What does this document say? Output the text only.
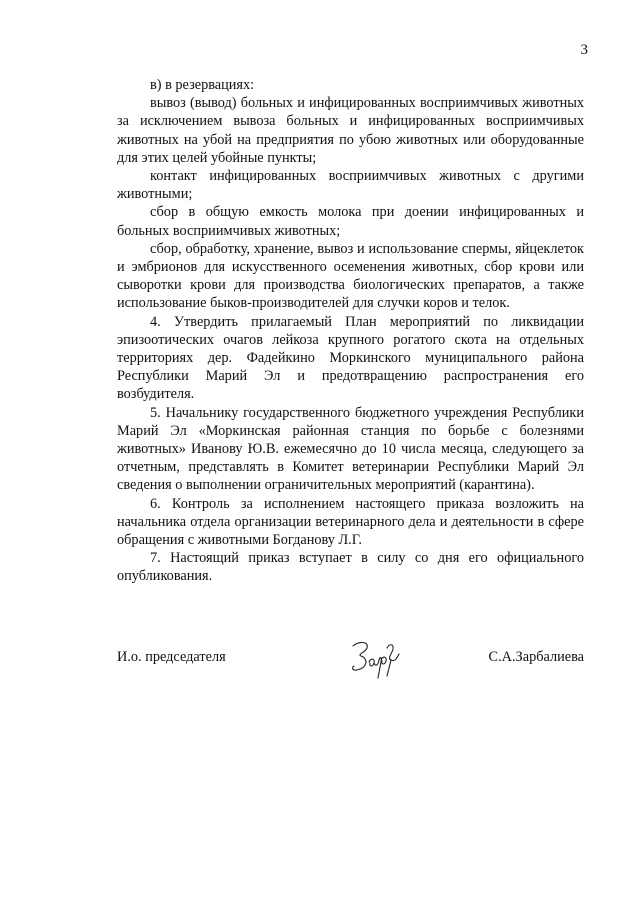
3

в) в резервациях:

вывоз (вывод) больных и инфицированных восприимчивых животных за исключением вывоза больных и инфицированных восприимчивых животных на убой на предприятия по убою животных или оборудованные для этих целей убойные пункты;

контакт инфицированных восприимчивых животных с другими животными;

сбор в общую емкость молока при доении инфицированных и больных восприимчивых животных;

сбор, обработку, хранение, вывоз и использование спермы, яйцеклеток и эмбрионов для искусственного осеменения животных, сбор крови или сыворотки крови для производства биологических препаратов, а также использование быков-производителей для случки коров и телок.

4. Утвердить прилагаемый План мероприятий по ликвидации эпизоотических очагов лейкоза крупного рогатого скота на отдельных территориях дер. Фадейкино Моркинского муниципального района Республики Марий Эл и предотвращению распространения его возбудителя.

5. Начальнику государственного бюджетного учреждения Республики Марий Эл «Моркинская районная станция по борьбе с болезнями животных» Иванову Ю.В. ежемесячно до 10 числа месяца, следующего за отчетным, представлять в Комитет ветеринарии Республики Марий Эл сведения о выполнении ограничительных мероприятий (карантина).

6. Контроль за исполнением настоящего приказа возложить на начальника отдела организации ветеринарного дела и деятельности в сфере обращения с животными Богданову Л.Г.

7. Настоящий приказ вступает в силу со дня его официального опубликования.

И.о. председателя	С.А.Зарбалиева
